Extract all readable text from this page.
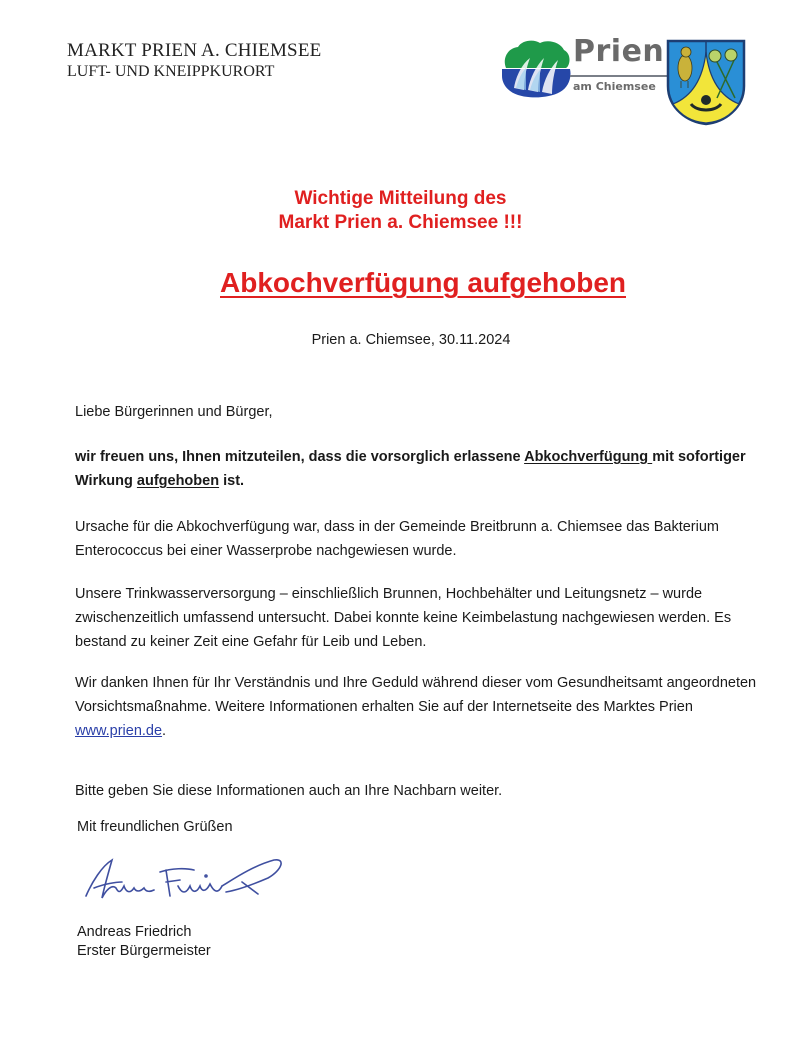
MARKT PRIEN A. CHIEMSEE
LUFT- UND KNEIPPKURORT
Prien
am Chiemsee
Wichtige Mitteilung des
Markt Prien a. Chiemsee !!!
Abkochverfügung aufgehoben
Prien a. Chiemsee, 30.11.2024
Liebe Bürgerinnen und Bürger,
wir freuen uns, Ihnen mitzuteilen, dass die vorsorglich erlassene Abkochverfügung mit sofortiger Wirkung aufgehoben ist.
Ursache für die Abkochverfügung war, dass in der Gemeinde Breitbrunn a. Chiemsee das Bakterium Enterococcus bei einer Wasserprobe nachgewiesen wurde.
Unsere Trinkwasserversorgung – einschließlich Brunnen, Hochbehälter und Leitungsnetz – wurde zwischenzeitlich umfassend untersucht. Dabei konnte keine Keimbelastung nachgewiesen werden. Es bestand zu keiner Zeit eine Gefahr für Leib und Leben.
Wir danken Ihnen für Ihr Verständnis und Ihre Geduld während dieser vom Gesundheitsamt angeordneten Vorsichtsmaßnahme. Weitere Informationen erhalten Sie auf der Internetseite des Marktes Prien  www.prien.de.
Bitte geben Sie diese Informationen auch an Ihre Nachbarn weiter.
Mit freundlichen Grüßen
Andreas Friedrich
Erster Bürgermeister
